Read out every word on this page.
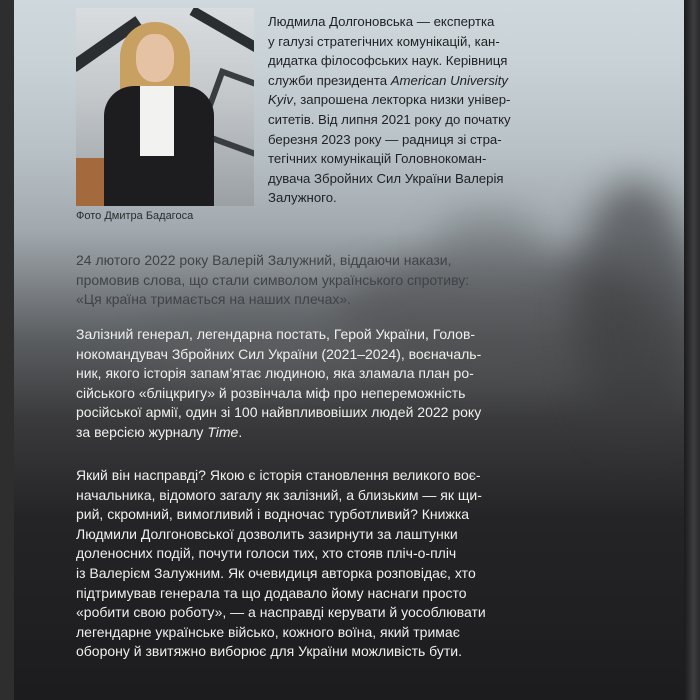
Фото Дмитра Бадагоса
Людмила Долгоновська — експертка
у галузі стратегічних комунікацій, кан-
дидатка філософських наук. Керівниця
служби президента American University
Kyiv, запрошена лекторка низки універ-
ситетів. Від липня 2021 року до початку
березня 2023 року — радниця зі стра-
тегічних комунікацій Головнокоман-
дувача Збройних Сил України Валерія
Залужного.
24 лютого 2022 року Валерій Залужний, віддаючи накази,
промовив слова, що стали символом українського спротиву:
«Ця країна тримається на наших плечах».
Залізний генерал, легендарна постать, Герой України, Голов-
нокомандувач Збройних Сил України (2021–2024), воєначаль-
ник, якого історія запам’ятає людиною, яка зламала план ро-
сійського «бліцкригу» й розвінчала міф про непереможність
російської армії, один зі 100 найвпливовіших людей 2022 року
за версією журналу Time.
Який він насправді? Якою є історія становлення великого воє-
начальника, відомого загалу як залізний, а близьким — як щи-
рий, скромний, вимогливий і водночас турботливий? Книжка
Людмили Долгоновської дозволить зазирнути за лаштунки
доленосних подій, почути голоси тих, хто стояв пліч-о-пліч
із Валерієм Залужним. Як очевидиця авторка розповідає, хто
підтримував генерала та що додавало йому наснаги просто
«робити свою роботу», — а насправді керувати й уособлювати
легендарне українське військо, кожного воїна, який тримає
оборону й звитяжно виборює для України можливість бути.
